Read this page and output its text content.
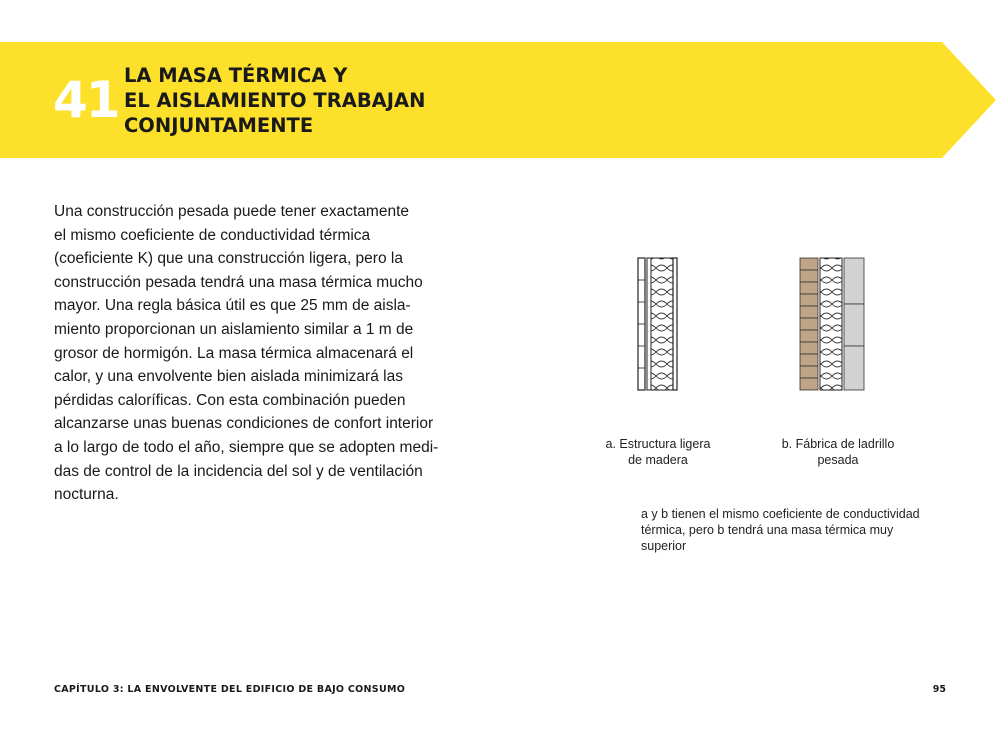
41 LA MASA TÉRMICA Y
EL AISLAMIENTO TRABAJAN
CONJUNTAMENTE
Una construcción pesada puede tener exactamente
el mismo coeficiente de conductividad térmica
(coeficiente K) que una construcción ligera, pero la
construcción pesada tendrá una masa térmica mucho
mayor. Una regla básica útil es que 25 mm de aisla-
miento proporcionan un aislamiento similar a 1 m de
grosor de hormigón. La masa térmica almacenará el
calor, y una envolvente bien aislada minimizará las
pérdidas caloríficas. Con esta combinación pueden
alcanzarse unas buenas condiciones de confort interior
a lo largo de todo el año, siempre que se adopten medi-
das de control de la incidencia del sol y de ventilación
nocturna.
a. Estructura ligera
de madera
b. Fábrica de ladrillo
pesada
a y b tienen el mismo coeficiente de conductividad
térmica, pero b tendrá una masa térmica muy
superior
CAPÍTULO 3: LA ENVOLVENTE DEL EDIFICIO DE BAJO CONSUMO	95
